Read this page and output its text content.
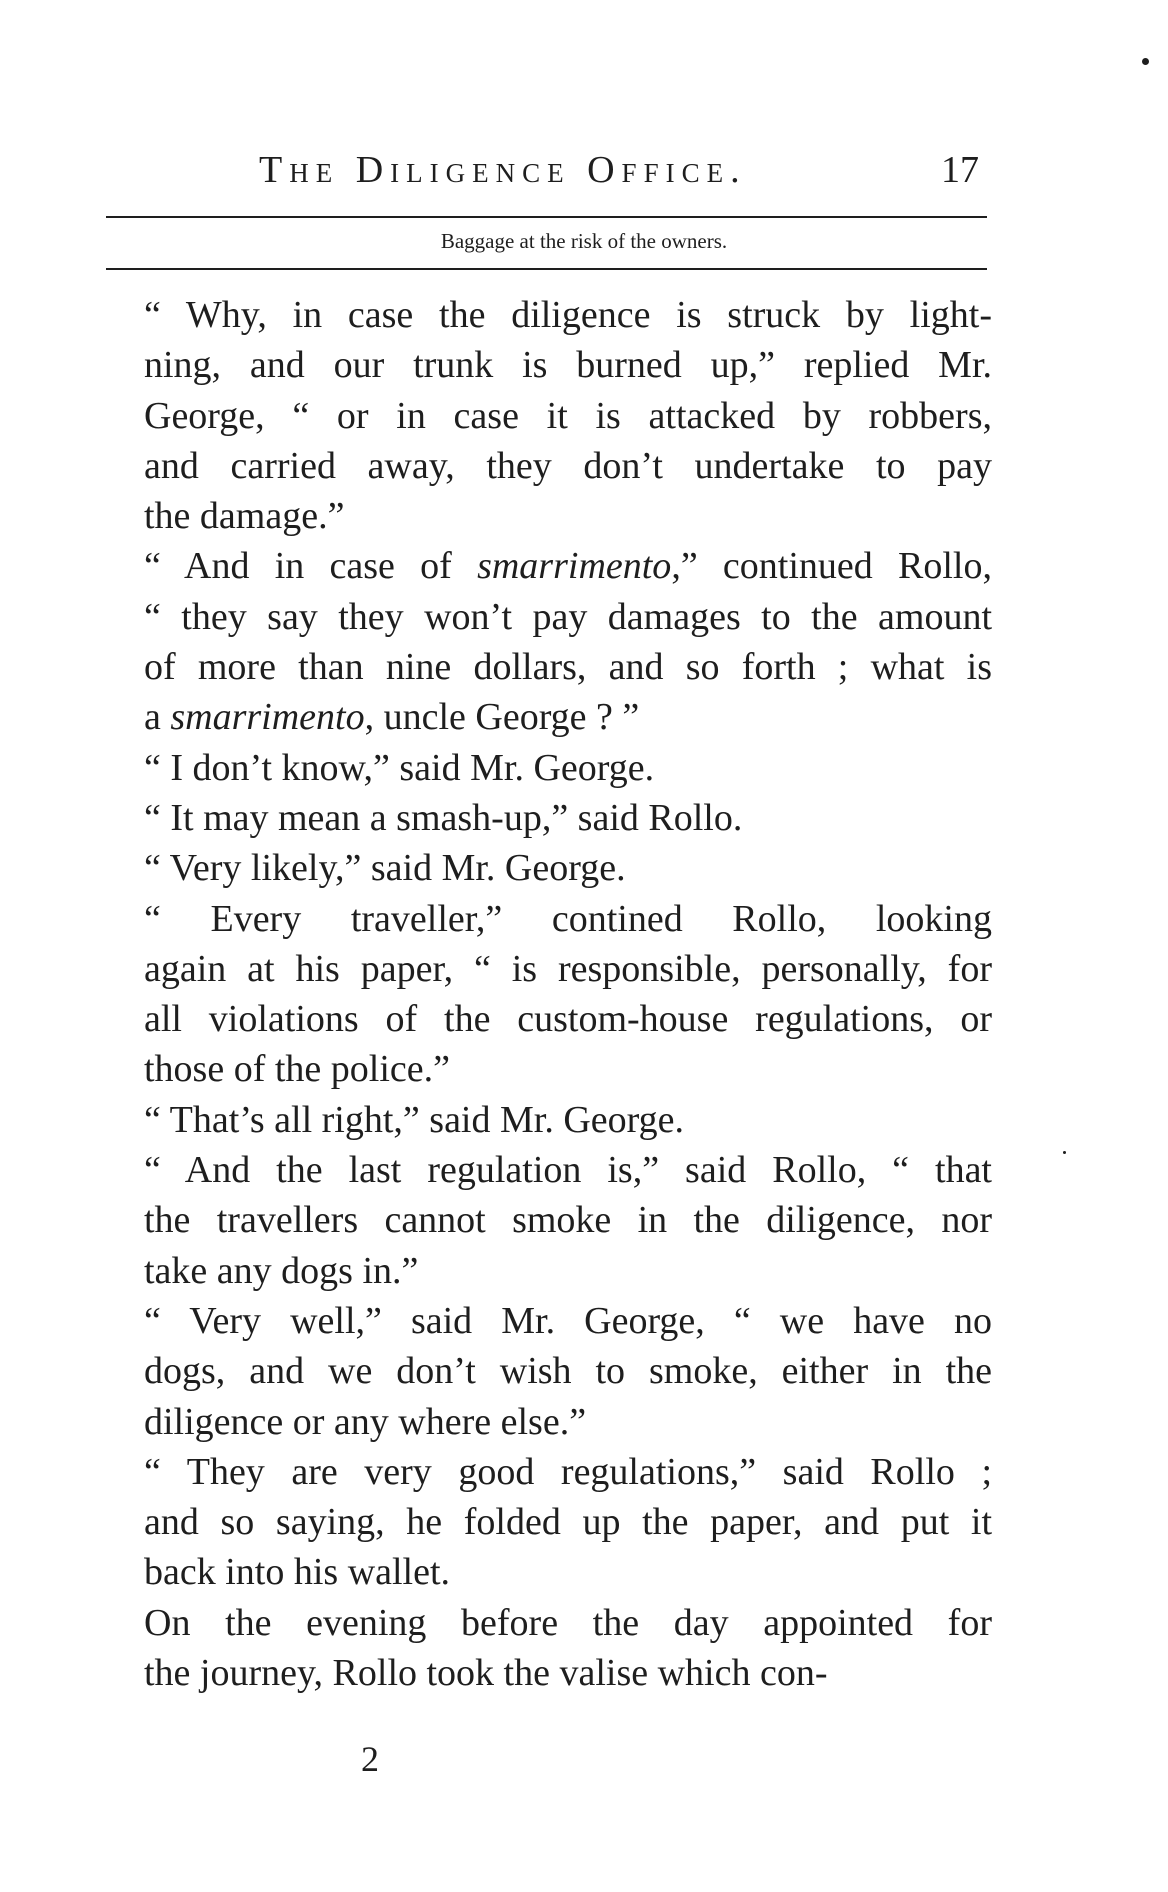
The Diligence Office.	17
Baggage at the risk of the owners.

“ Why, in case the diligence is struck by light-
ning, and our trunk is burned up,” replied Mr.
George, “ or in case it is attacked by robbers,
and carried away, they don’t undertake to pay
the damage.”

“ And in case of smarrimento,” continued Rollo,
“ they say they won’t pay damages to the amount
of more than nine dollars, and so forth ; what is
a smarrimento, uncle George ? ”

“ I don’t know,” said Mr. George.

“ It may mean a smash-up,” said Rollo.

“ Very likely,” said Mr. George.

“ Every traveller,” contined Rollo, looking
again at his paper, “ is responsible, personally, for
all violations of the custom-house regulations, or
those of the police.”

“ That’s all right,” said Mr. George.

“ And the last regulation is,” said Rollo, “ that
the travellers cannot smoke in the diligence, nor
take any dogs in.”

“ Very well,” said Mr. George, “ we have no
dogs, and we don’t wish to smoke, either in the
diligence or any where else.”

“ They are very good regulations,” said Rollo ;
and so saying, he folded up the paper, and put it
back into his wallet.

On the evening before the day appointed for
the journey, Rollo took the valise which con-

2
